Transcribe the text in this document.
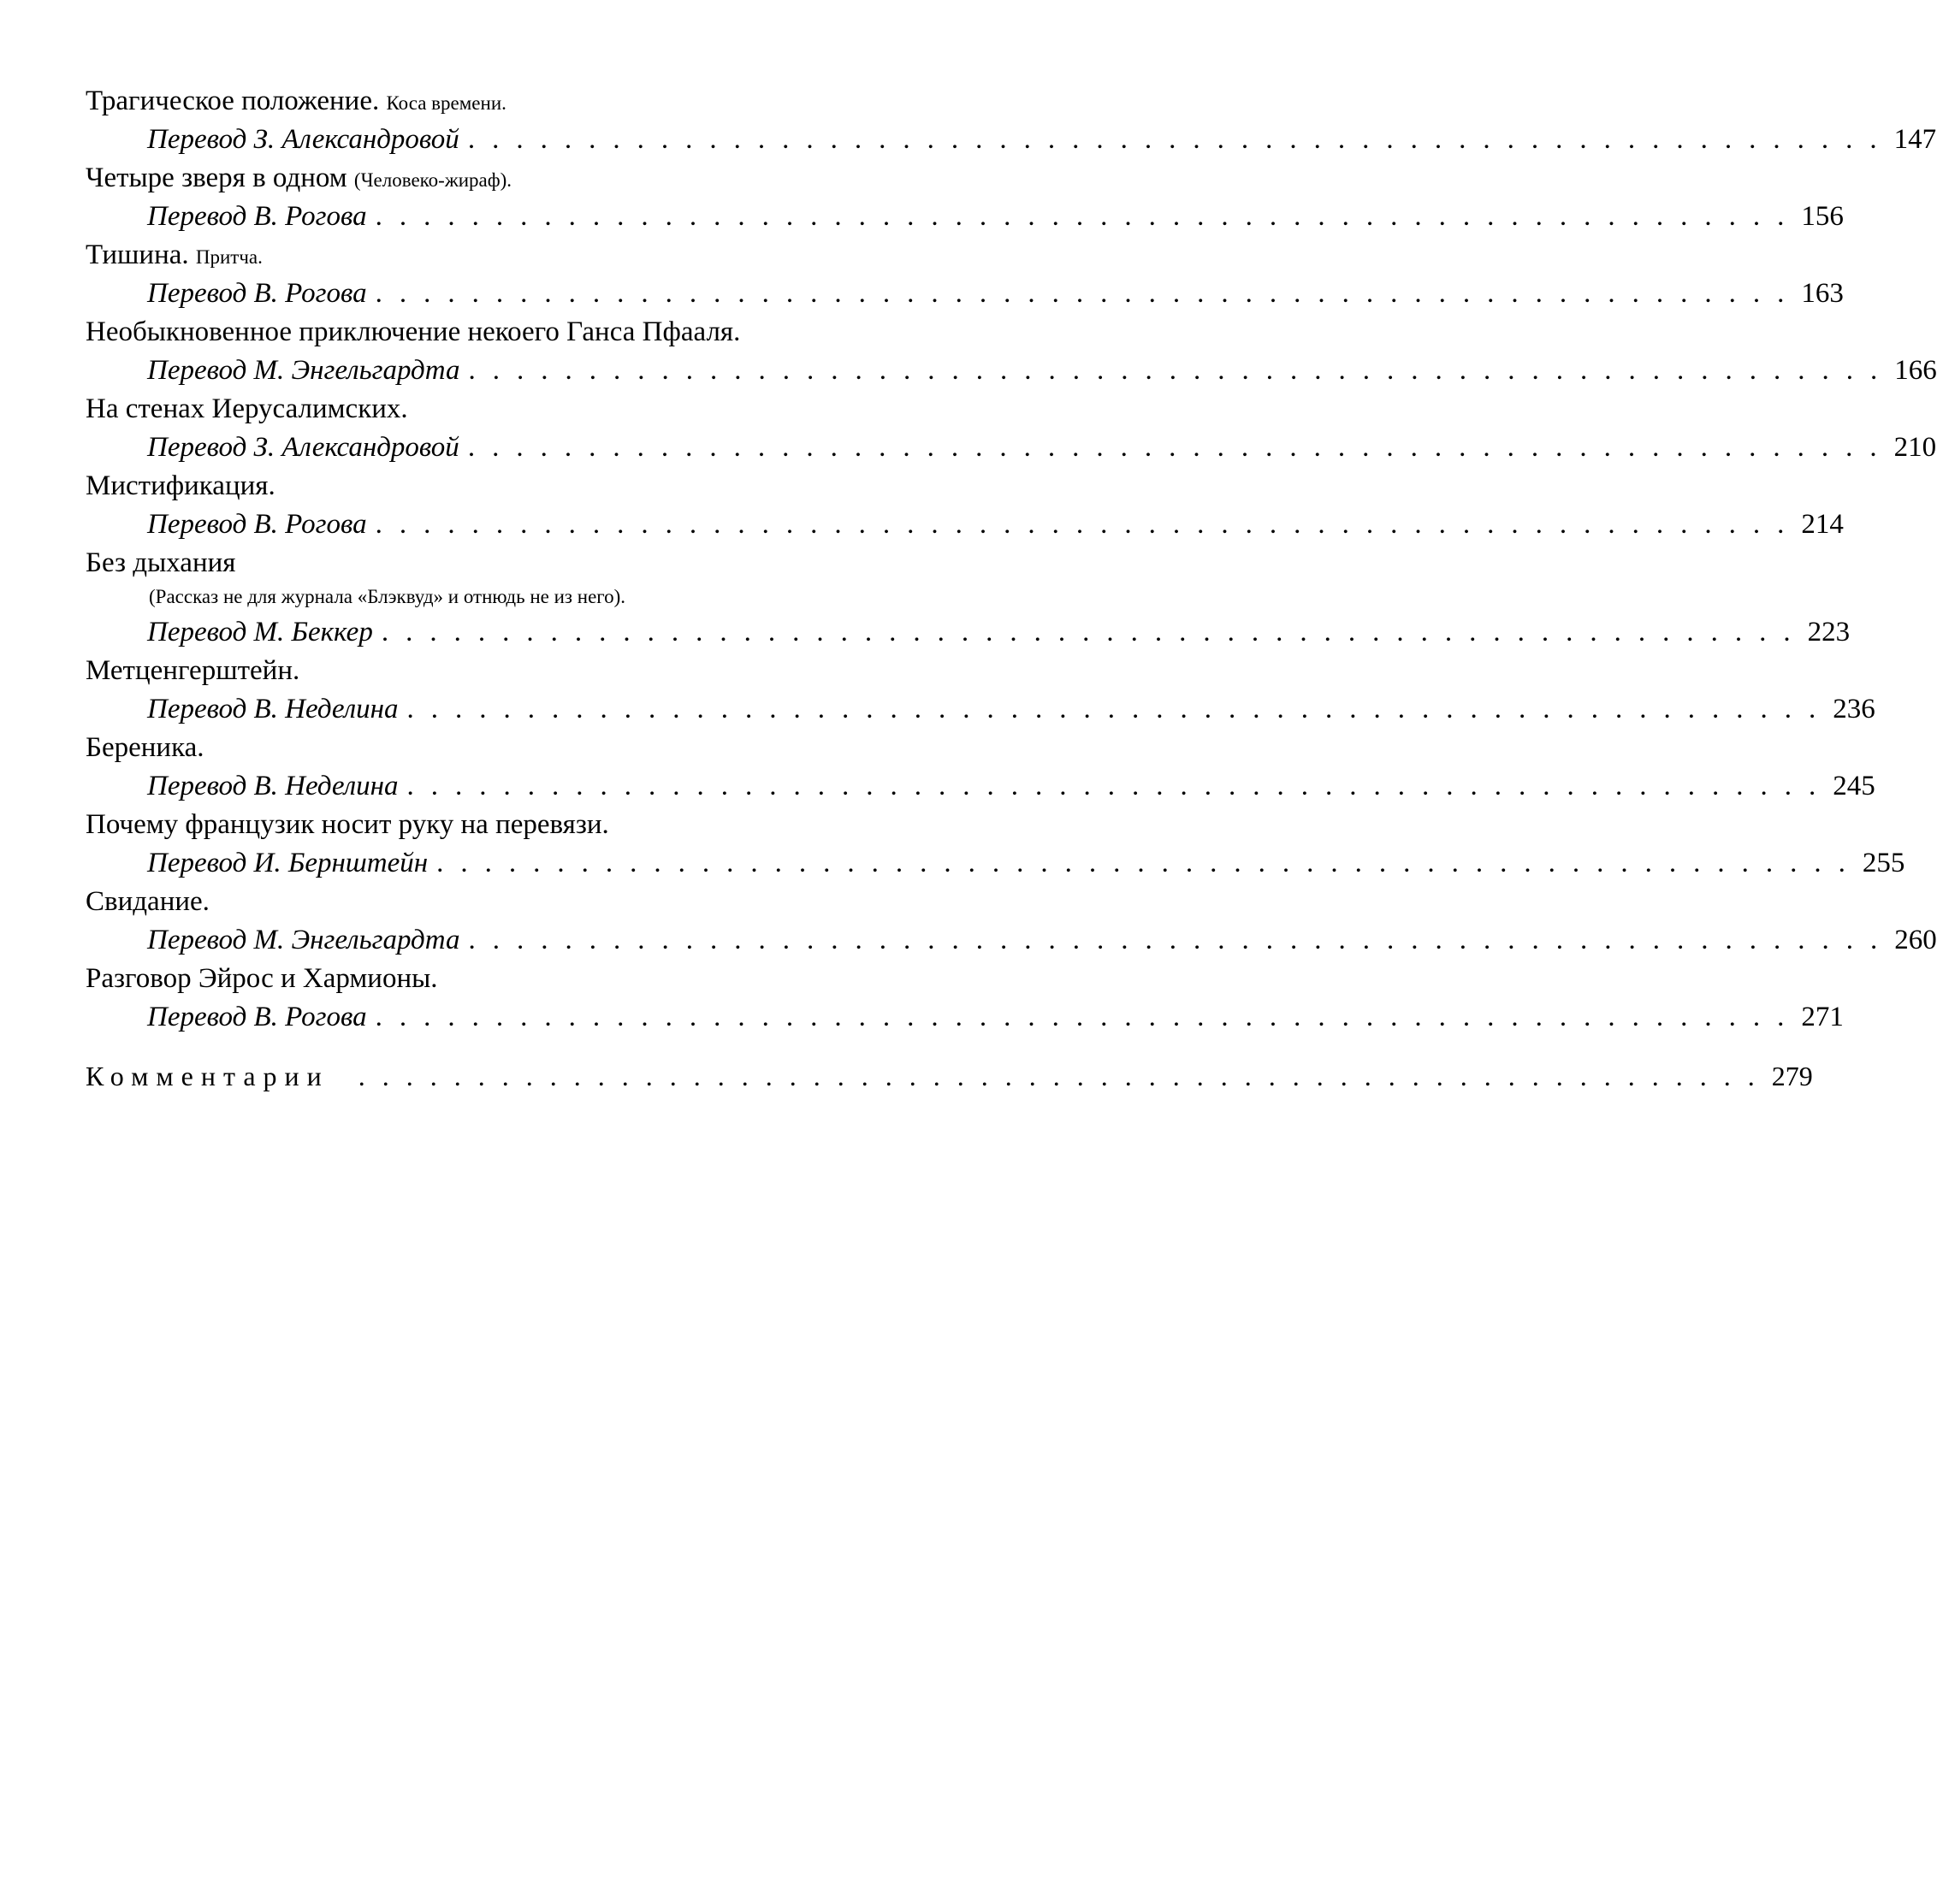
Трагическое положение. Коса времени.
Перевод З. Александровой ........................................................... 147
Четыре зверя в одном (Человеко-жираф).
Перевод В. Рогова ........................................................... 156
Тишина. Притча.
Перевод В. Рогова ........................................................... 163
Необыкновенное приключение некоего Ганса Пфааля.
Перевод М. Энгельгардта ........................................................... 166
На стенах Иерусалимских.
Перевод З. Александровой ........................................................... 210
Мистификация.
Перевод В. Рогова ........................................................... 214
Без дыхания
(Рассказ не для журнала «Блэквуд» и отнюдь не из него).
Перевод М. Беккер ........................................................... 223
Метценгерштейн.
Перевод В. Неделина ........................................................... 236
Береника.
Перевод В. Неделина ........................................................... 245
Почему французик носит руку на перевязи.
Перевод И. Бернштейн ........................................................... 255
Свидание.
Перевод М. Энгельгардта ........................................................... 260
Разговор Эйрос и Хармионы.
Перевод В. Рогова ........................................................... 271
Комментарии	........................................................... 279
